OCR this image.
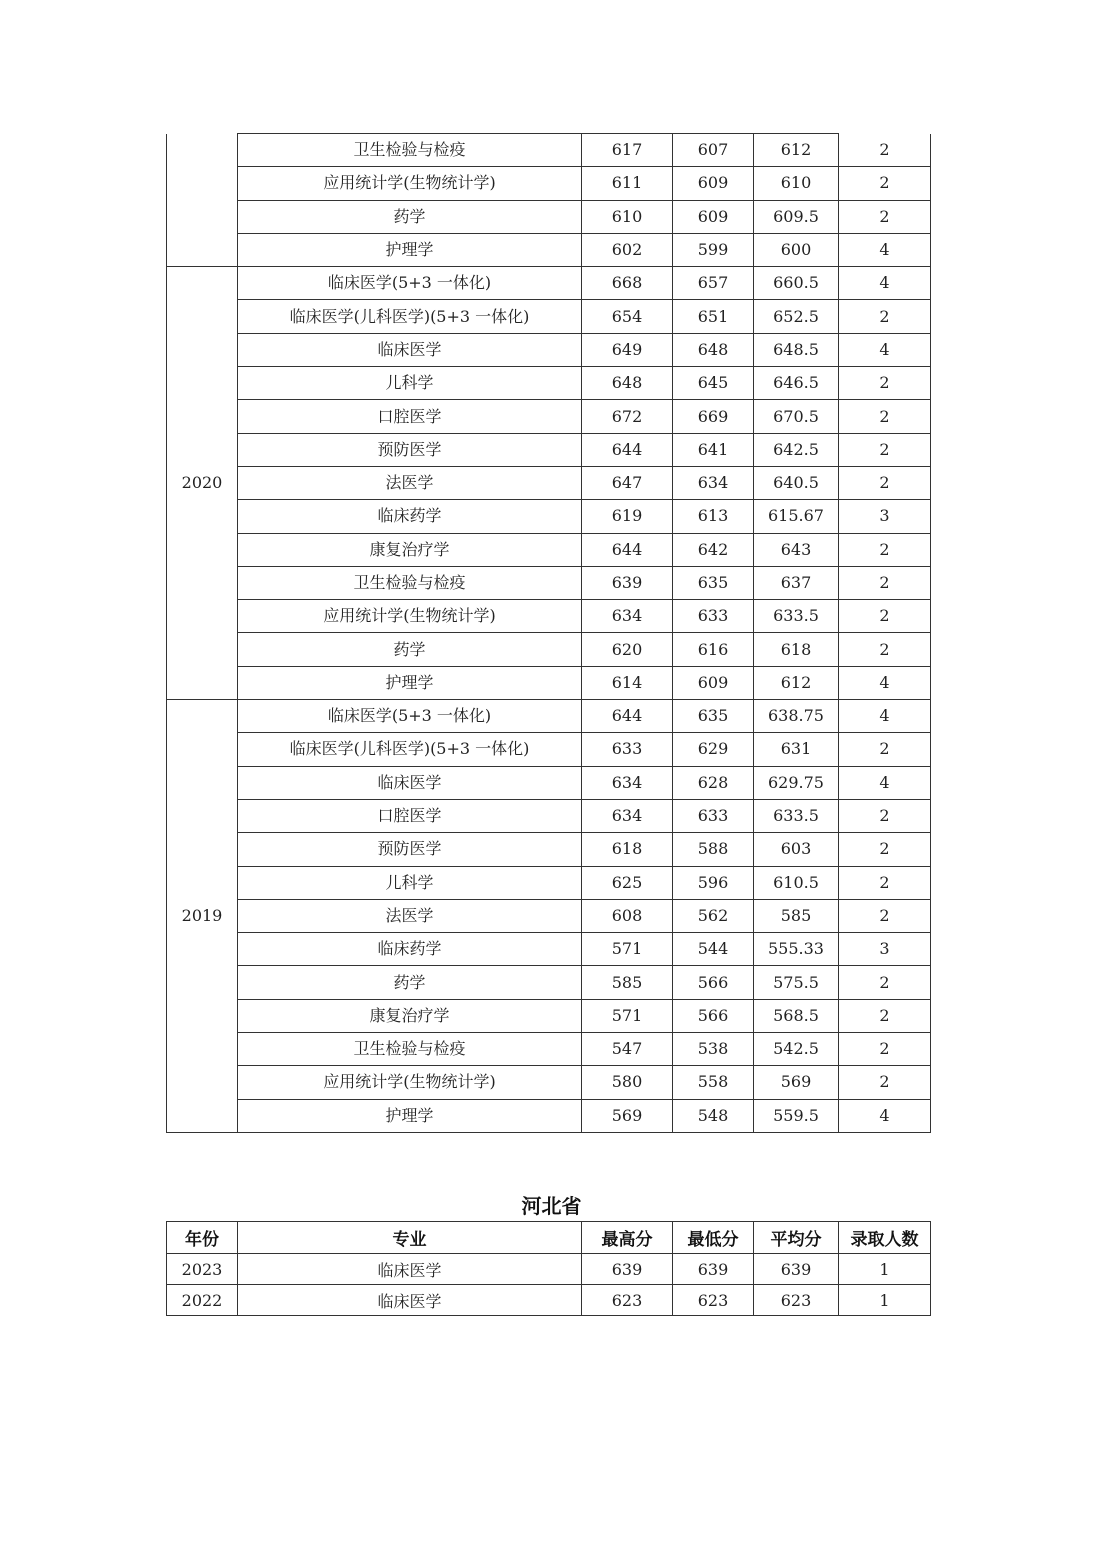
	卫生检验与检疫	617	607	612	2
	应用统计学(生物统计学)	611	609	610	2
	药学	610	609	609.5	2
	护理学	602	599	600	4
2020	临床医学(5+3 一体化)	668	657	660.5	4
	临床医学(儿科医学)(5+3 一体化)	654	651	652.5	2
	临床医学	649	648	648.5	4
	儿科学	648	645	646.5	2
	口腔医学	672	669	670.5	2
	预防医学	644	641	642.5	2
	法医学	647	634	640.5	2
	临床药学	619	613	615.67	3
	康复治疗学	644	642	643	2
	卫生检验与检疫	639	635	637	2
	应用统计学(生物统计学)	634	633	633.5	2
	药学	620	616	618	2
	护理学	614	609	612	4
2019	临床医学(5+3 一体化)	644	635	638.75	4
	临床医学(儿科医学)(5+3 一体化)	633	629	631	2
	临床医学	634	628	629.75	4
	口腔医学	634	633	633.5	2
	预防医学	618	588	603	2
	儿科学	625	596	610.5	2
	法医学	608	562	585	2
	临床药学	571	544	555.33	3
	药学	585	566	575.5	2
	康复治疗学	571	566	568.5	2
	卫生检验与检疫	547	538	542.5	2
	应用统计学(生物统计学)	580	558	569	2
	护理学	569	548	559.5	4
河北省
年份	专业	最高分	最低分	平均分	录取人数
2023	临床医学	639	639	639	1
2022	临床医学	623	623	623	1
